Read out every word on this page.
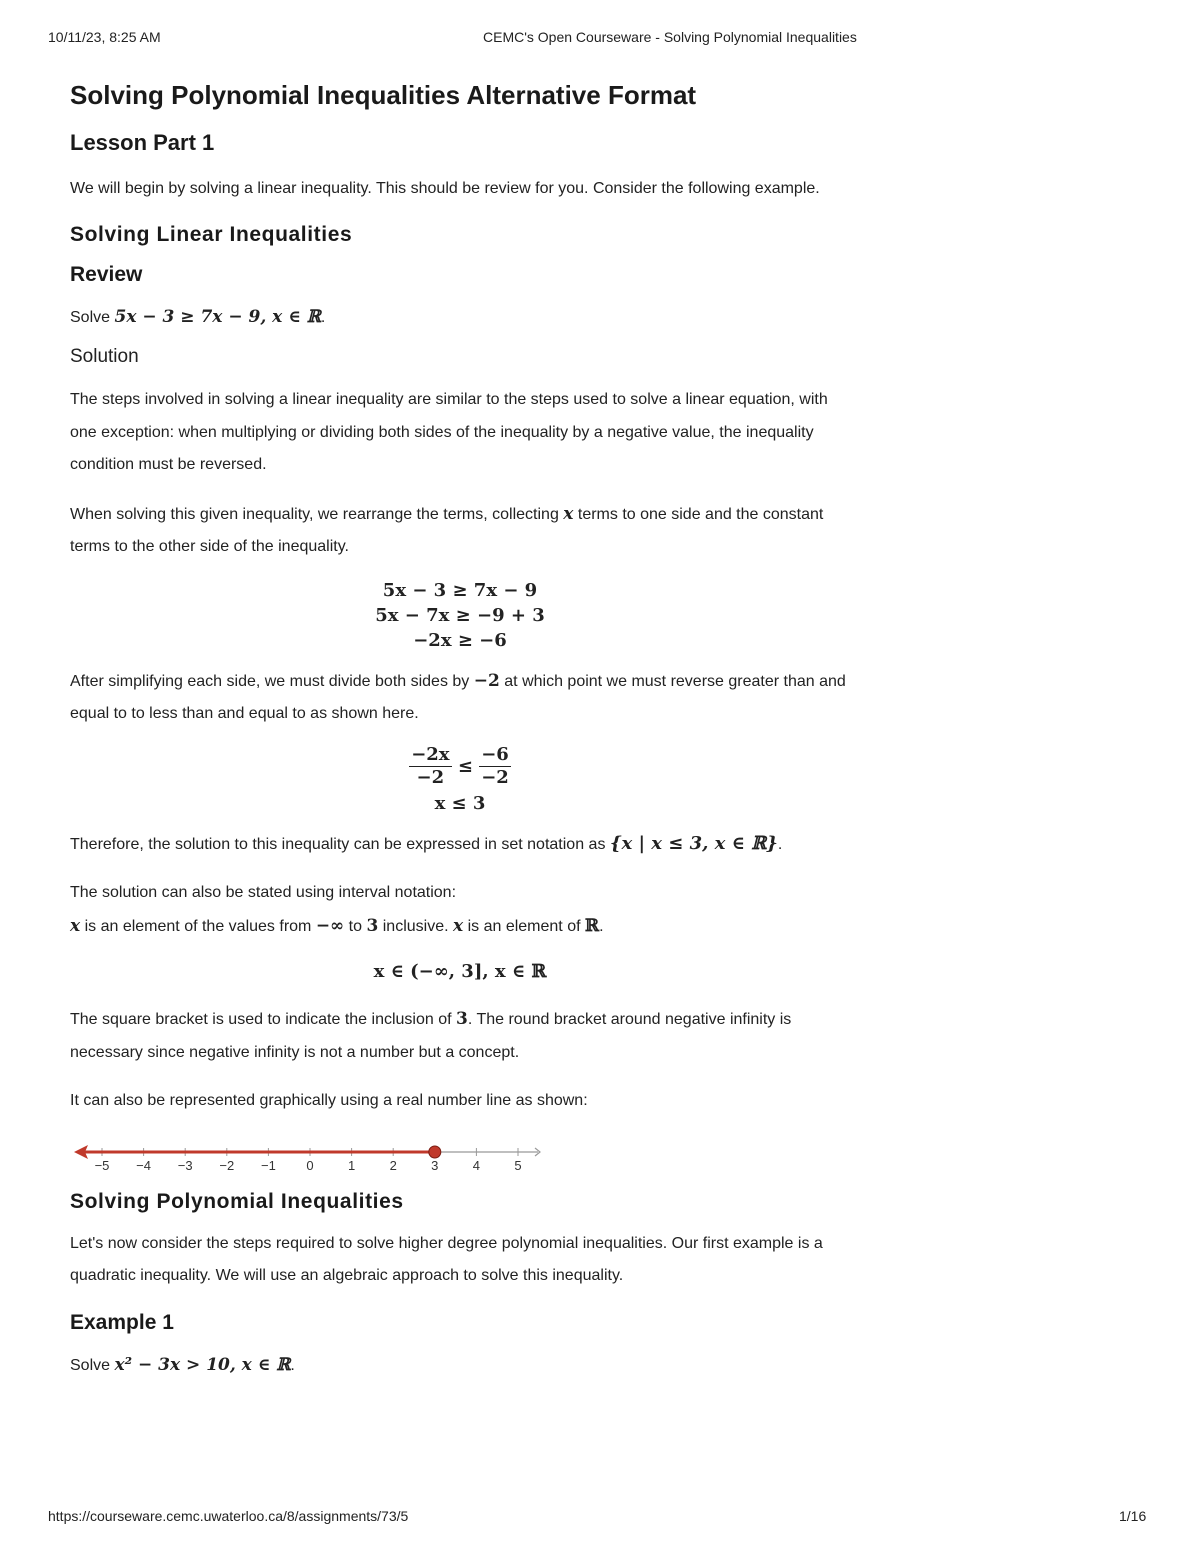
10/11/23, 8:25 AM	CEMC's Open Courseware - Solving Polynomial Inequalities
Solving Polynomial Inequalities Alternative Format
Lesson Part 1

We will begin by solving a linear inequality. This should be review for you. Consider the following example.

Solving Linear Inequalities
Review

Solve 5x − 3 ≥ 7x − 9, x ∈ ℝ.

Solution

The steps involved in solving a linear inequality are similar to the steps used to solve a linear equation, with one exception: when multiplying or dividing both sides of the inequality by a negative value, the inequality condition must be reversed.

When solving this given inequality, we rearrange the terms, collecting x terms to one side and the constant terms to the other side of the inequality.

5x − 3 ≥ 7x − 9
5x − 7x ≥ −9 + 3
−2x ≥ −6

After simplifying each side, we must divide both sides by −2 at which point we must reverse greater than and equal to to less than and equal to as shown here.

$\frac{-2x}{-2} \le \frac{-6}{-2}$
x ≤ 3

Therefore, the solution to this inequality can be expressed in set notation as {x | x ≤ 3, x ∈ ℝ}.

The solution can also be stated using interval notation:
x is an element of the values from −∞ to 3 inclusive. x is an element of ℝ.

x ∈ (−∞, 3], x ∈ ℝ

The square bracket is used to indicate the inclusion of 3. The round bracket around negative infinity is necessary since negative infinity is not a number but a concept.

It can also be represented graphically using a real number line as shown:

−5 −4 −3 −2 −1 0	1	2	3	4	5
Solving Polynomial Inequalities

Let's now consider the steps required to solve higher degree polynomial inequalities. Our first example is a quadratic inequality. We will use an algebraic approach to solve this inequality.

Example 1

Solve x² − 3x > 10, x ∈ ℝ.

https://courseware.cemc.uwaterloo.ca/8/assignments/73/5	1/16
